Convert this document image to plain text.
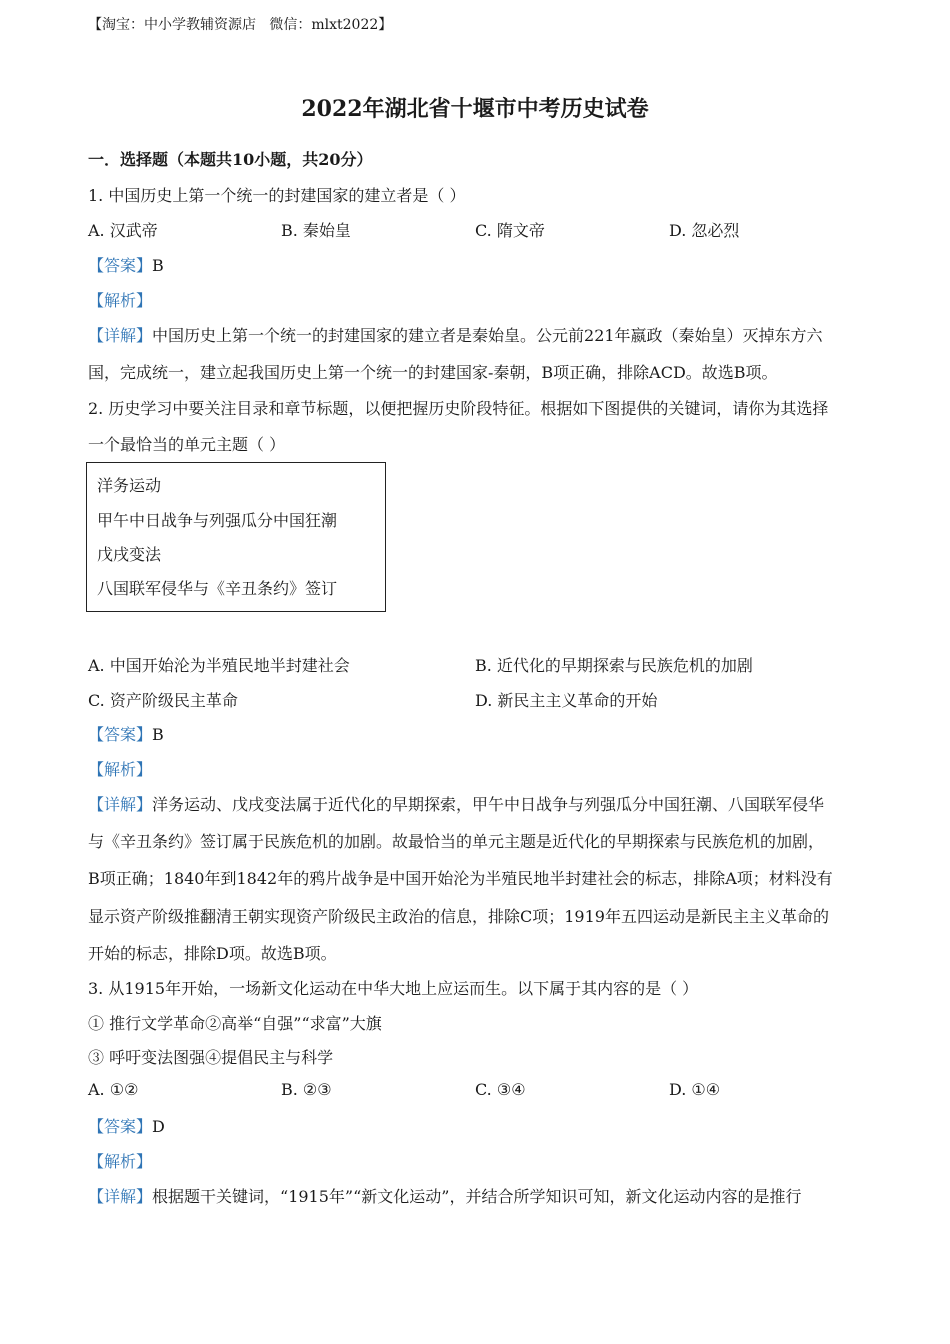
【淘宝：中小学教辅资源店   微信：mlxt2022】
2022年湖北省十堰市中考历史试卷
一．选择题（本题共10小题，共20分）
1. 中国历史上第一个统一的封建国家的建立者是（ ）
A. 汉武帝	B. 秦始皇	C. 隋文帝	D. 忽必烈
【答案】B
【解析】
【详解】中国历史上第一个统一的封建国家的建立者是秦始皇。公元前221年嬴政（秦始皇）灭掉东方六
国，完成统一，建立起我国历史上第一个统一的封建国家-秦朝，B项正确，排除ACD。故选B项。
2. 历史学习中要关注目录和章节标题，以便把握历史阶段特征。根据如下图提供的关键词，请你为其选择
一个最恰当的单元主题（ ）
洋务运动
甲午中日战争与列强瓜分中国狂潮
戊戌变法
八国联军侵华与《辛丑条约》签订
A. 中国开始沦为半殖民地半封建社会	B. 近代化的早期探索与民族危机的加剧
C. 资产阶级民主革命	D. 新民主主义革命的开始
【答案】B
【解析】
【详解】洋务运动、戊戌变法属于近代化的早期探索，甲午中日战争与列强瓜分中国狂潮、八国联军侵华
与《辛丑条约》签订属于民族危机的加剧。故最恰当的单元主题是近代化的早期探索与民族危机的加剧，
B项正确；1840年到1842年的鸦片战争是中国开始沦为半殖民地半封建社会的标志，排除A项；材料没有
显示资产阶级推翻清王朝实现资产阶级民主政治的信息，排除C项；1919年五四运动是新民主主义革命的
开始的标志，排除D项。故选B项。
3. 从1915年开始，一场新文化运动在中华大地上应运而生。以下属于其内容的是（ ）
① 推行文学革命②高举“自强”“求富”大旗
③ 呼吁变法图强④提倡民主与科学
A. ①②	B. ②③	C. ③④	D. ①④
【答案】D
【解析】
【详解】根据题干关键词，“1915年”“新文化运动”，并结合所学知识可知，新文化运动内容的是推行
